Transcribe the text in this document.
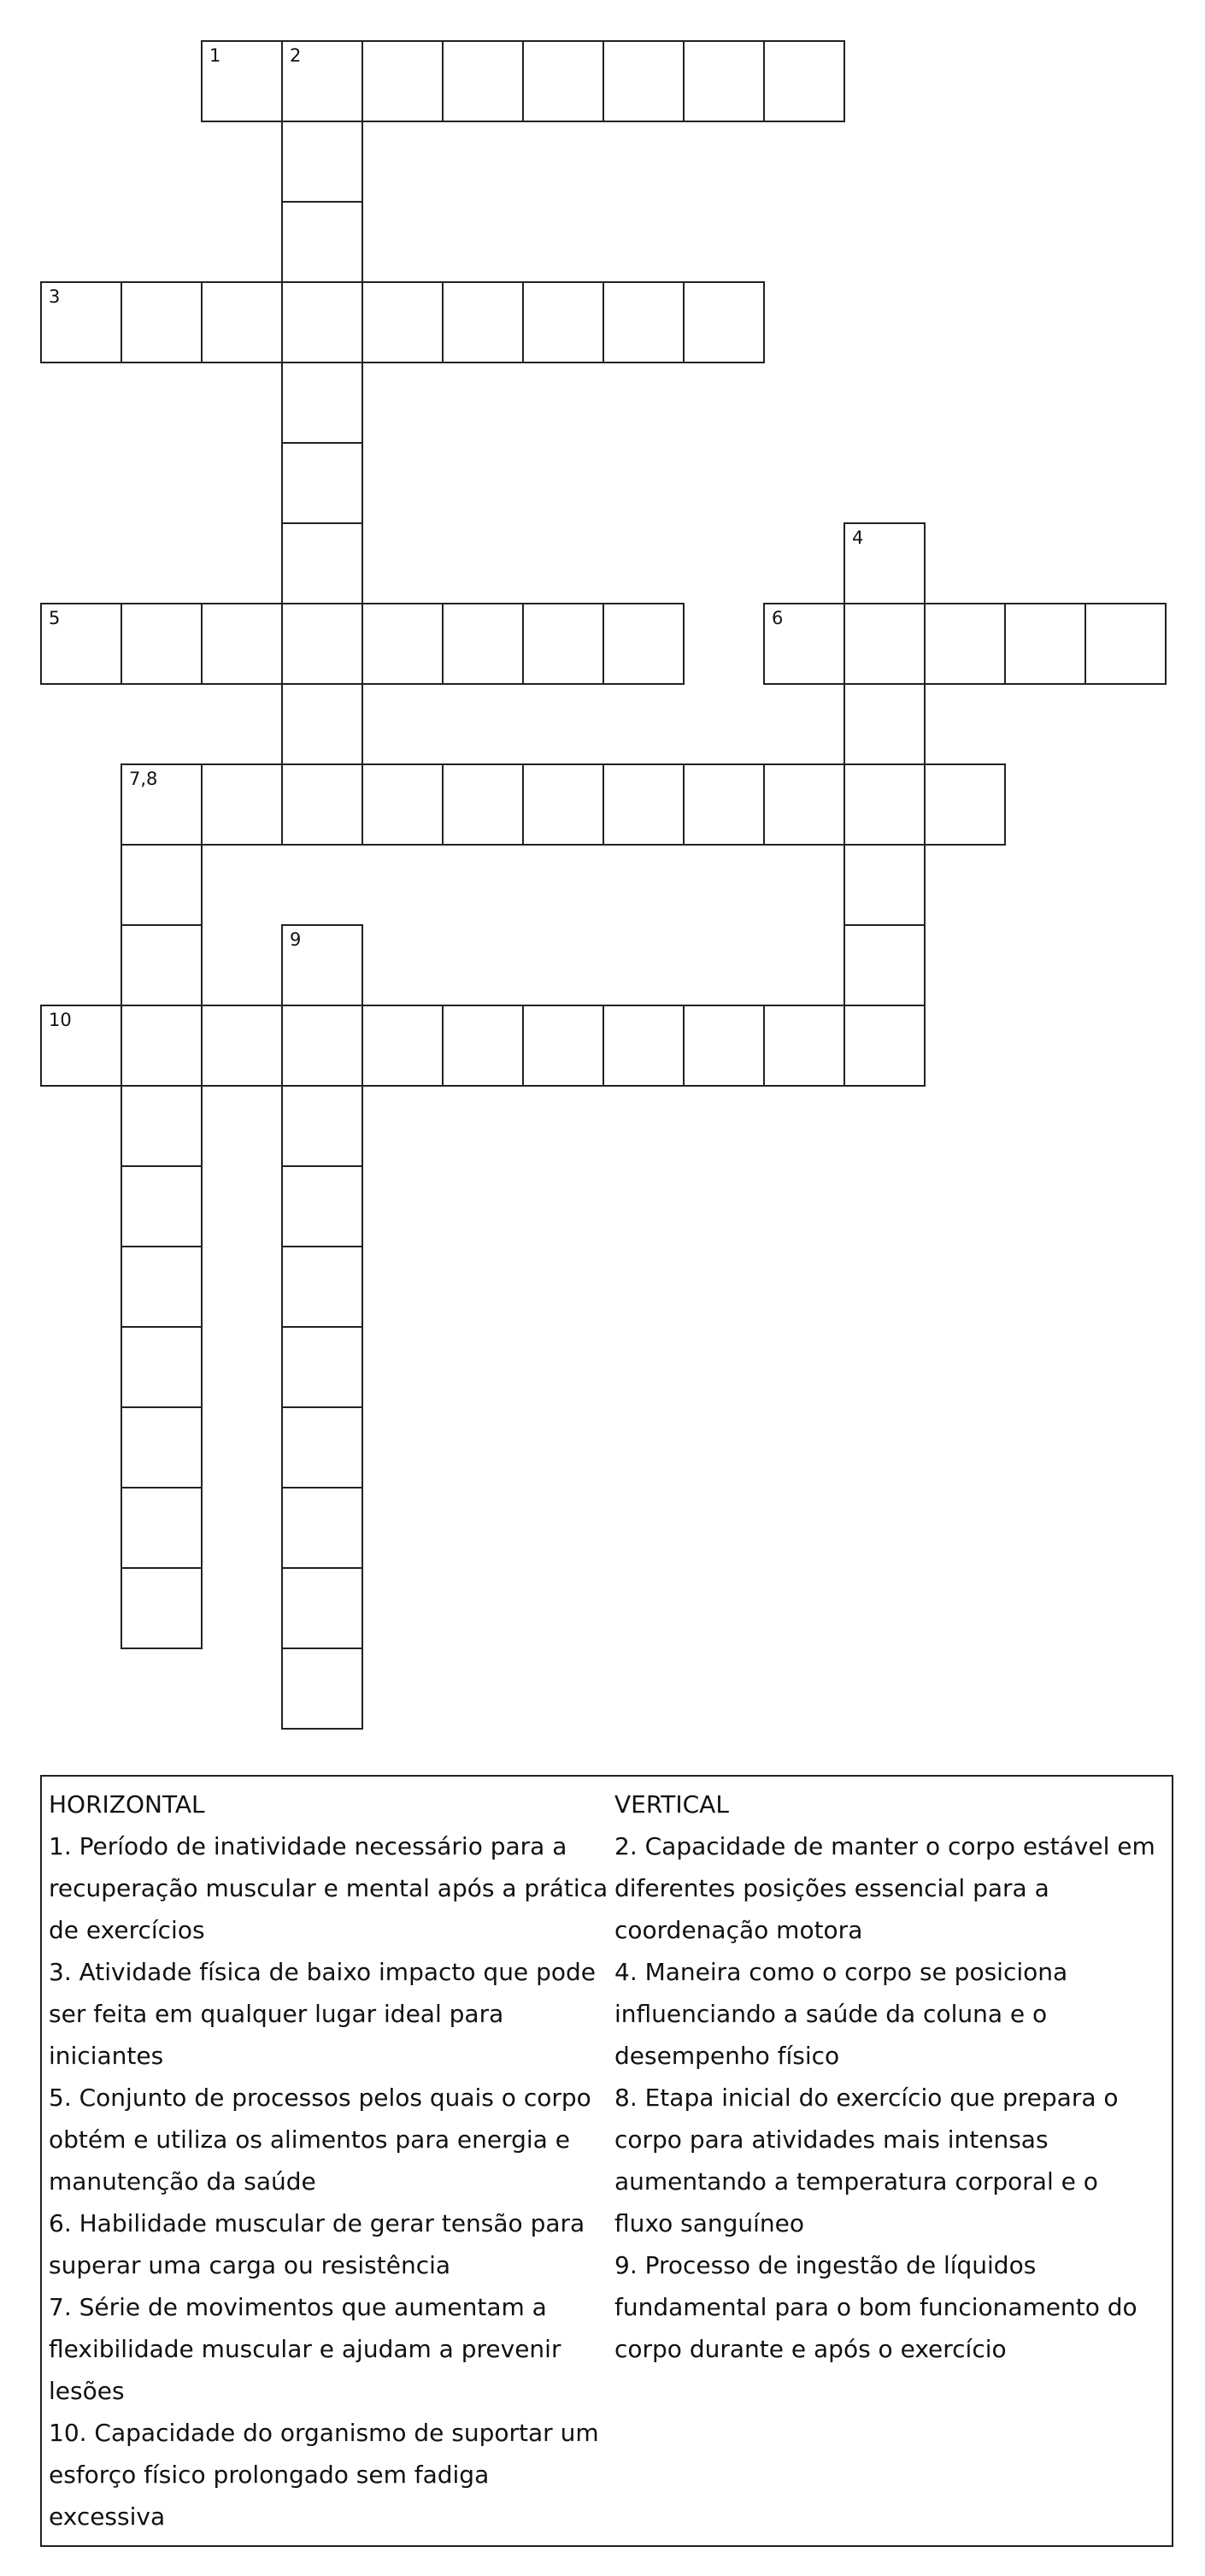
1	2
3
5	6
4
7,8
9
10

HORIZONTAL

1. Período de inatividade necessário para a recuperação muscular e mental após a prática de exercícios

3. Atividade física de baixo impacto que pode ser feita em qualquer lugar ideal para iniciantes

5. Conjunto de processos pelos quais o corpo obtém e utiliza os alimentos para energia e manutenção da saúde

6. Habilidade muscular de gerar tensão para superar uma carga ou resistência

7. Série de movimentos que aumentam a flexibilidade muscular e ajudam a prevenir lesões

10. Capacidade do organismo de suportar um esforço físico prolongado sem fadiga excessiva

VERTICAL

2. Capacidade de manter o corpo estável em diferentes posições essencial para a coordenação motora

4. Maneira como o corpo se posiciona influenciando a saúde da coluna e o desempenho físico

8. Etapa inicial do exercício que prepara o corpo para atividades mais intensas aumentando a temperatura corporal e o fluxo sanguíneo

9. Processo de ingestão de líquidos fundamental para o bom funcionamento do corpo durante e após o exercício
